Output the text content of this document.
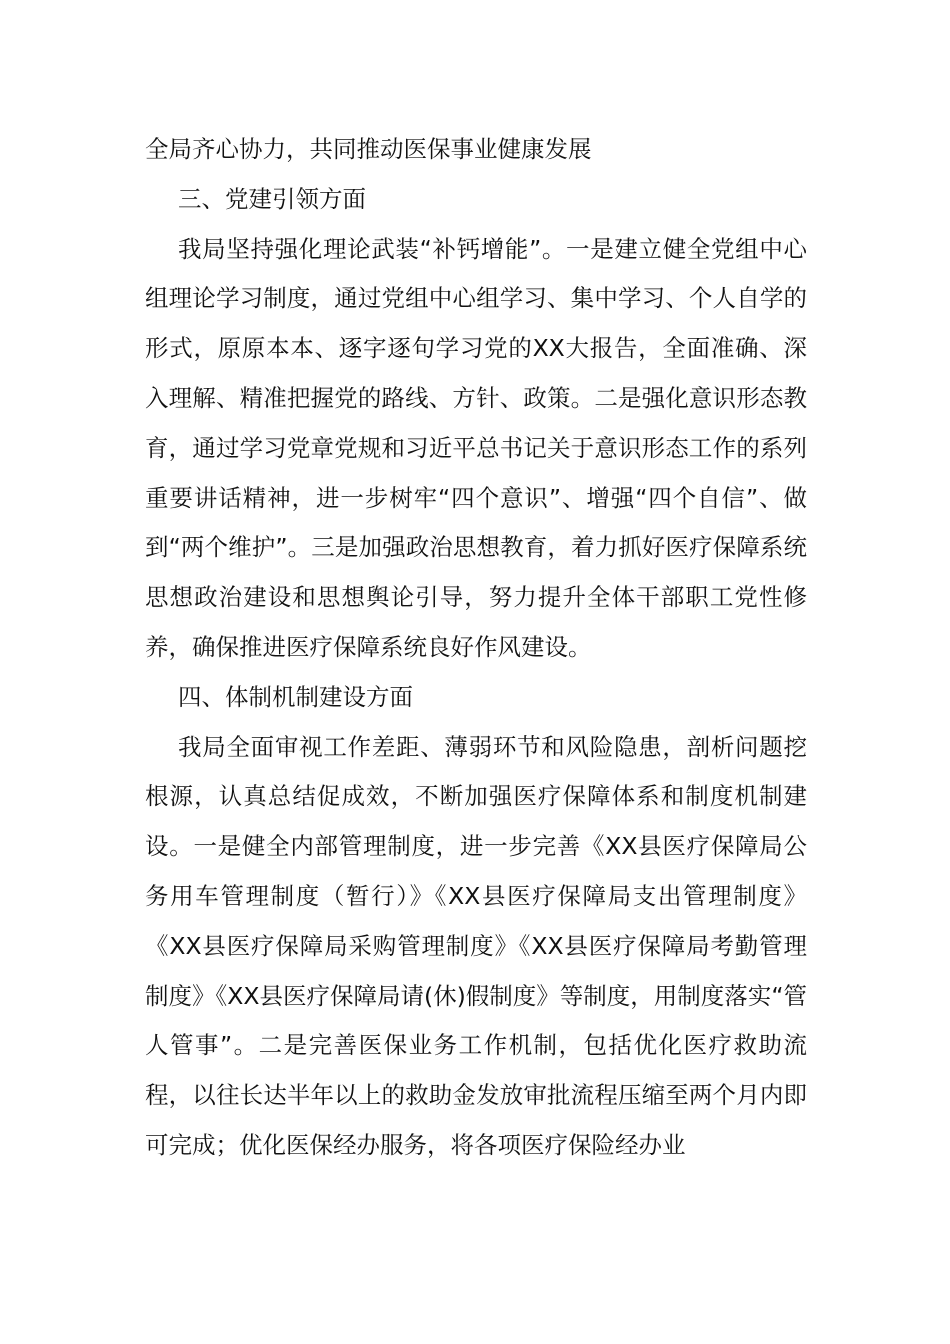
全局齐心协力，共同推动医保事业健康发展

三、党建引领方面

我局坚持强化理论武装“补钙增能”。一是建立健全党组中心组理论学习制度，通过党组中心组学习、集中学习、个人自学的形式，原原本本、逐字逐句学习党的XX大报告，全面准确、深入理解、精准把握党的路线、方针、政策。二是强化意识形态教育，通过学习党章党规和习近平总书记关于意识形态工作的系列重要讲话精神，进一步树牢“四个意识”、增强“四个自信”、做到“两个维护”。三是加强政治思想教育，着力抓好医疗保障系统思想政治建设和思想舆论引导，努力提升全体干部职工党性修养，确保推进医疗保障系统良好作风建设。

四、体制机制建设方面

我局全面审视工作差距、薄弱环节和风险隐患，剖析问题挖根源，认真总结促成效，不断加强医疗保障体系和制度机制建设。一是健全内部管理制度，进一步完善《XX县医疗保障局公务用车管理制度（暂行）》《XX县医疗保障局支出管理制度》《XX县医疗保障局采购管理制度》《XX县医疗保障局考勤管理制度》《XX县医疗保障局请(休)假制度》等制度，用制度落实“管人管事”。二是完善医保业务工作机制，包括优化医疗救助流程，以往长达半年以上的救助金发放审批流程压缩至两个月内即可完成；优化医保经办服务，将各项医疗保险经办业
